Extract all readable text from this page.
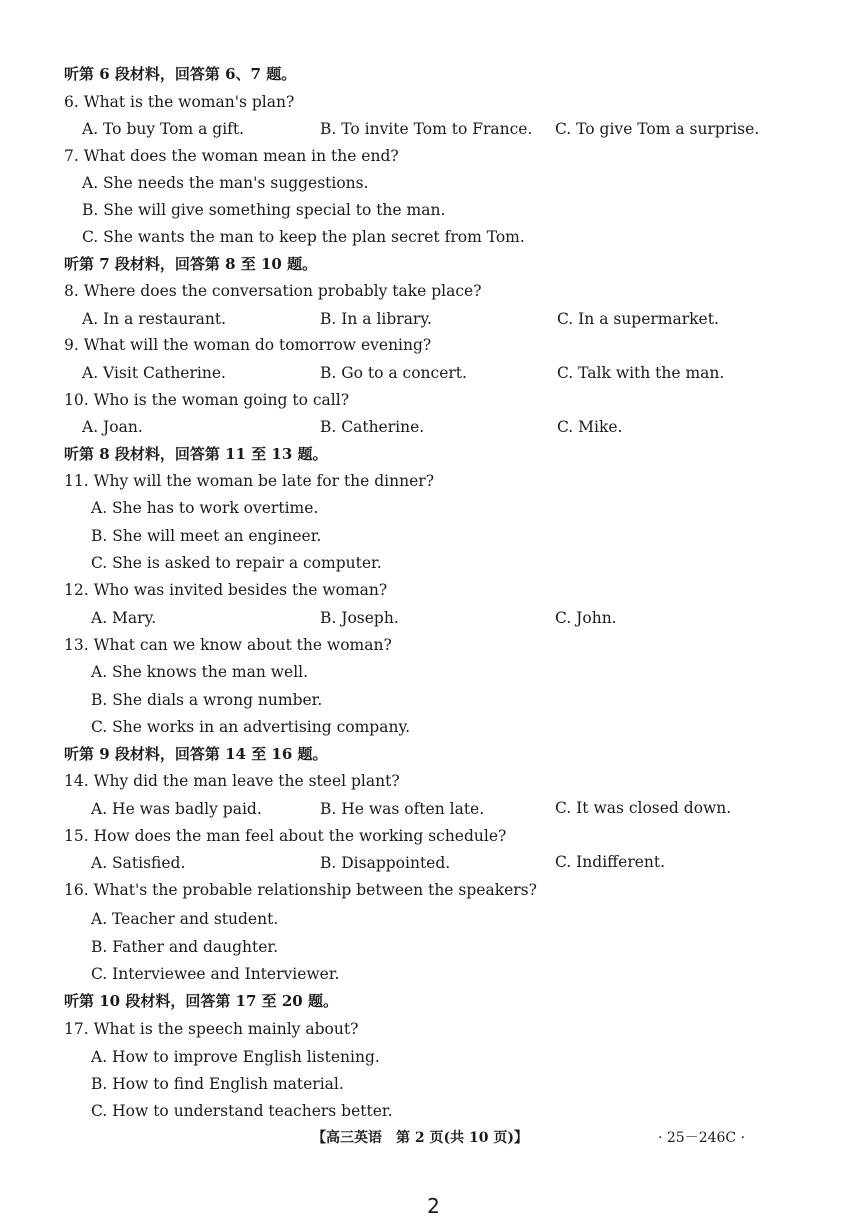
听第 6 段材料，回答第 6、7 题。
6. What is the woman's plan?
A. To buy Tom a gift.	B. To invite Tom to France. C. To give Tom a surprise.
7. What does the woman mean in the end?
A. She needs the man's suggestions.
B. She will give something special to the man.
C. She wants the man to keep the plan secret from Tom.
听第 7 段材料，回答第 8 至 10 题。
8. Where does the conversation probably take place?
A. In a restaurant.	B. In a library.	C. In a supermarket.
9. What will the woman do tomorrow evening?
A. Visit Catherine.	B. Go to a concert.	C. Talk with the man.
10. Who is the woman going to call?
A. Joan.	B. Catherine.	C. Mike.
听第 8 段材料，回答第 11 至 13 题。
11. Why will the woman be late for the dinner?
A. She has to work overtime.
B. She will meet an engineer.
C. She is asked to repair a computer.
12. Who was invited besides the woman?
A. Mary.	B. Joseph.	C. John.
13. What can we know about the woman?
A. She knows the man well.
B. She dials a wrong number.
C. She works in an advertising company.
听第 9 段材料，回答第 14 至 16 题。
14. Why did the man leave the steel plant?
A. He was badly paid.	B. He was often late.	C. It was closed down.
15. How does the man feel about the working schedule?
A. Satisfied.	B. Disappointed.	C. Indifferent.
16. What's the probable relationship between the speakers?
A. Teacher and student.
B. Father and daughter.
C. Interviewee and Interviewer.
听第 10 段材料，回答第 17 至 20 题。
17. What is the speech mainly about?
A. How to improve English listening.
B. How to find English material.
C. How to understand teachers better.
【高三英语　第 2 页(共 10 页)】	· 25－246C ·
2
